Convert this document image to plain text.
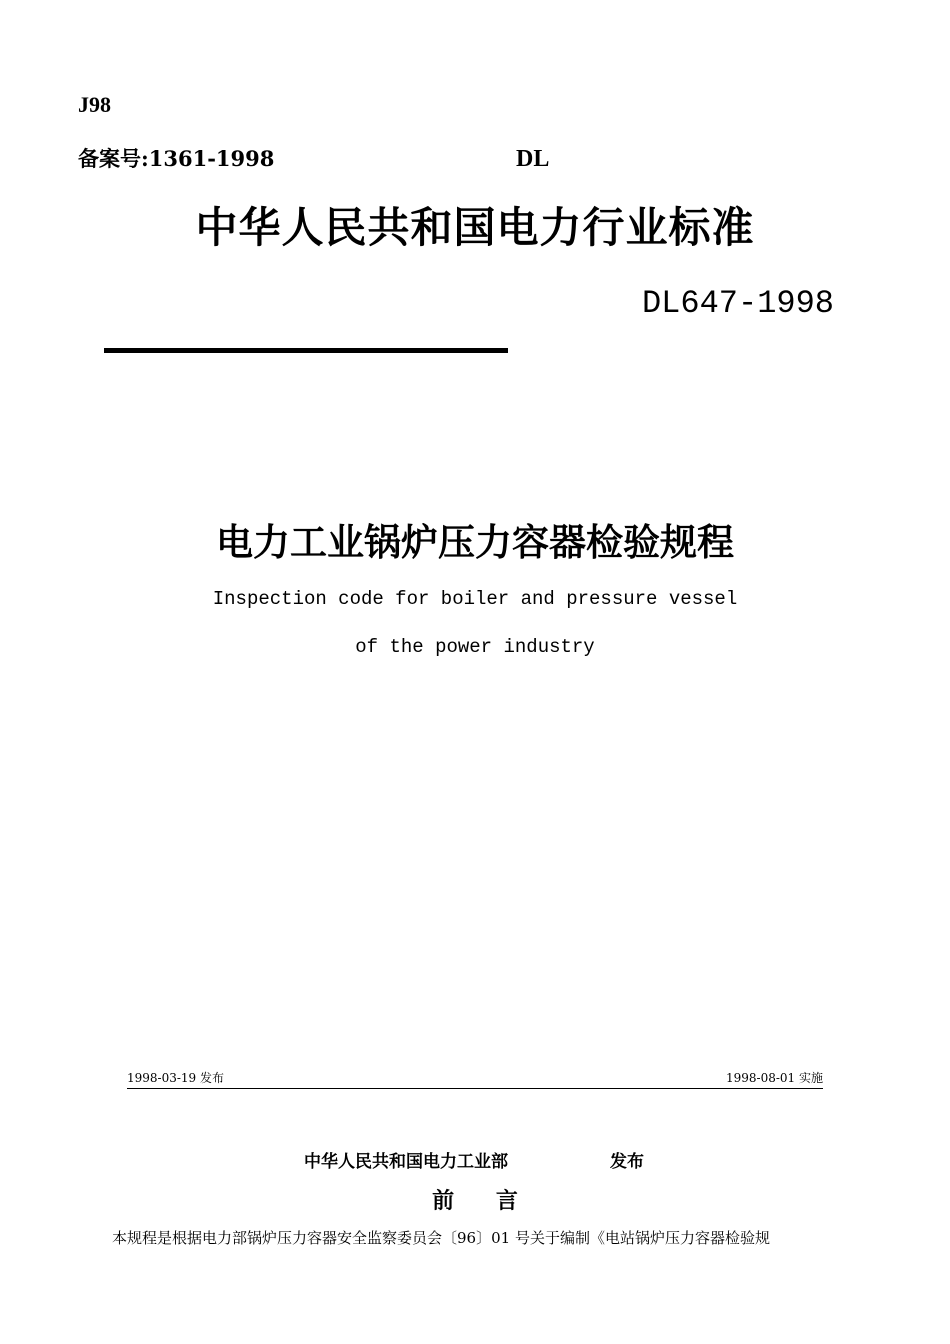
J98
备案号:1361-1998	DL
中华人民共和国电力行业标准
DL647-1998
电力工业锅炉压力容器检验规程
Inspection code for boiler and pressure vessel
of the power industry
1998-03-19 发布	1998-08-01 实施
中华人民共和国电力工业部	发布
前 言
本规程是根据电力部锅炉压力容器安全监察委员会〔96〕01 号关于编制《电站锅炉压力容器检验规
